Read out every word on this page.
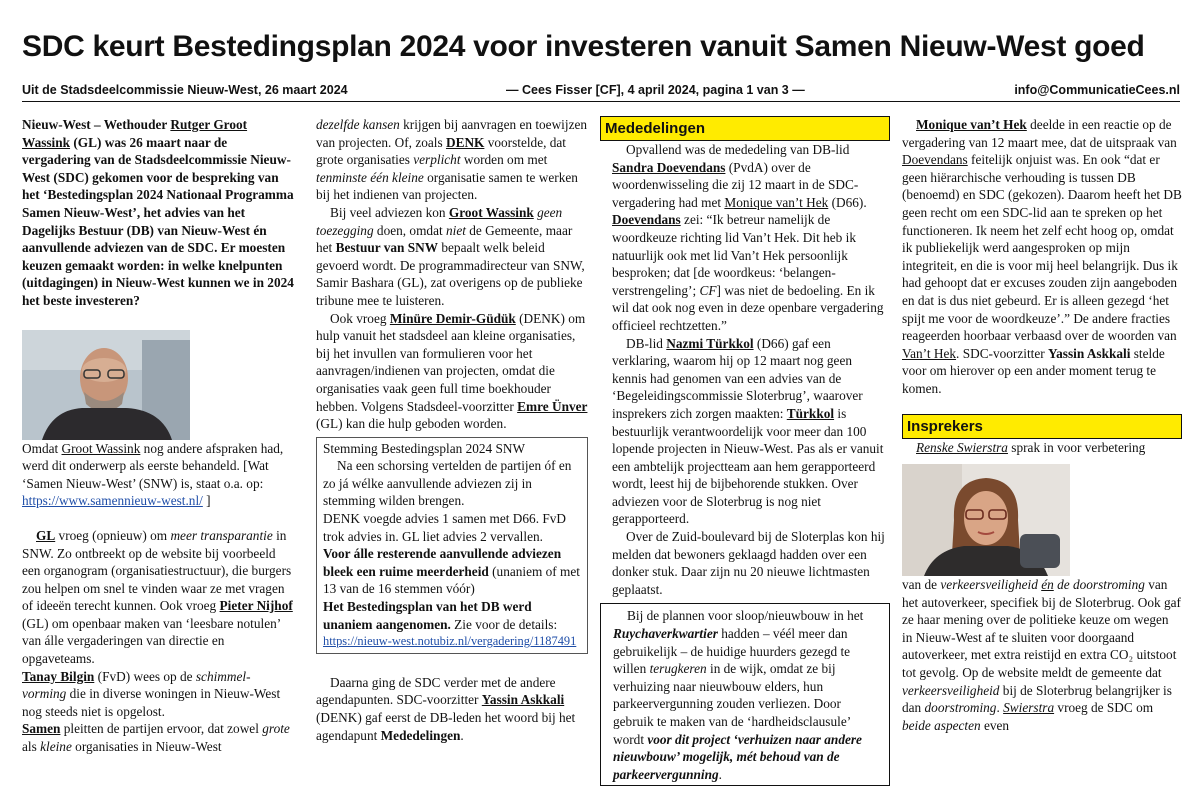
SDC keurt Bestedingsplan 2024 voor investeren vanuit Samen Nieuw-West goed
Uit de Stadsdeelcommissie Nieuw-West, 26 maart 2024	— Cees Fisser [CF], 4 april 2024, pagina 1 van 3 —	info@CommunicatieCees.nl

Nieuw-West – Wethouder Rutger Groot Wassink (GL) was 26 maart naar de vergadering van de Stadsdeelcommissie Nieuw-West (SDC) gekomen voor de bespreking van het ‘Bestedingsplan 2024 Nationaal Programma Samen Nieuw-West’, het advies van het Dagelijks Bestuur (DB) van Nieuw-West én aanvullende adviezen van de SDC. Er moesten keuzen gemaakt worden: in welke knelpunten (uitdagingen) in Nieuw-West kunnen we in 2024 het beste investeren?

Omdat Groot Wassink nog andere afspraken had, werd dit onderwerp als eerste behandeld. [Wat ‘Samen Nieuw-West’ (SNW) is, staat o.a. op: https://www.samennieuw-west.nl/ ]

GL vroeg (opnieuw) om meer transparantie in SNW. Zo ontbreekt op de website bij voorbeeld een organogram (organisatiestructuur), die burgers zou helpen om snel te vinden waar ze met vragen of ideeën terecht kunnen. Ook vroeg Pieter Nijhof (GL) om openbaar maken van ‘leesbare notulen’ van álle vergaderingen van directie en opgaveteams.

Tanay Bilgin (FvD) wees op de schimmel-vorming die in diverse woningen in Nieuw-West nog steeds niet is opgelost.

Samen pleitten de partijen ervoor, dat zowel grote als kleine organisaties in Nieuw-West

dezelfde kansen krijgen bij aanvragen en toewijzen van projecten. Of, zoals DENK voorstelde, dat grote organisaties verplicht worden om met tenminste één kleine organisatie samen te werken bij het indienen van projecten.

Bij veel adviezen kon Groot Wassink geen toezegging doen, omdat niet de Gemeente, maar het Bestuur van SNW bepaalt welk beleid gevoerd wordt. De programmadirecteur van SNW, Samir Bashara (GL), zat overigens op de publieke tribune mee te luisteren.

Ook vroeg Minüre Demir-Güdük (DENK) om hulp vanuit het stadsdeel aan kleine organisaties, bij het invullen van formulieren voor het aanvragen/indienen van projecten, omdat die organisaties vaak geen full time boekhouder hebben. Volgens Stadsdeel-voorzitter Emre Ünver (GL) kan die hulp geboden worden.

Stemming Bestedingsplan 2024 SNW

Na een schorsing vertelden de partijen óf en zo já wélke aanvullende adviezen zij in stemming wilden brengen.

DENK voegde advies 1 samen met D66. FvD trok advies in. GL liet advies 2 vervallen.

Voor álle resterende aanvullende adviezen bleek een ruime meerderheid (unaniem of met 13 van de 16 stemmen vóór)

Het Bestedingsplan van het DB werd unaniem aangenomen. Zie voor de details:

https://nieuw-west.notubiz.nl/vergadering/1187491

Daarna ging de SDC verder met de andere agendapunten. SDC-voorzitter Yassin Askkali (DENK) gaf eerst de DB-leden het woord bij het agendapunt Mededelingen.

Mededelingen

Opvallend was de mededeling van DB-lid Sandra Doevendans (PvdA) over de woordenwisseling die zij 12 maart in de SDC-vergadering had met Monique van’t Hek (D66).

Doevendans zei: “Ik betreur namelijk de woordkeuze richting lid Van’t Hek. Dit heb ik natuurlijk ook met lid Van’t Hek persoonlijk besproken; dat [de woordkeus: ‘belangen-verstrengeling’; CF] was niet de bedoeling. En ik wil dat ook nog even in deze openbare vergadering officieel rechtzetten.”

DB-lid Nazmi Türkkol (D66) gaf een verklaring, waarom hij op 12 maart nog geen kennis had genomen van een advies van de ‘Begeleidingscommissie Sloterbrug’, waarover insprekers zich zorgen maakten: Türkkol is bestuurlijk verantwoordelijk voor meer dan 100 lopende projecten in Nieuw-West. Pas als er vanuit een ambtelijk projectteam aan hem gerapporteerd wordt, leest hij de bijbehorende stukken. Over adviezen voor de Sloterbrug is nog niet gerapporteerd.

Over de Zuid-boulevard bij de Sloterplas kon hij melden dat bewoners geklaagd hadden over een donker stuk. Daar zijn nu 20 nieuwe lichtmasten geplaatst.

Bij de plannen voor sloop/nieuwbouw in het Ruychaverkwartier hadden – véél meer dan gebruikelijk – de huidige huurders gezegd te willen terugkeren in de wijk, omdat ze bij verhuizing naar nieuwbouw elders, hun parkeervergunning zouden verliezen. Door gebruik te maken van de ‘hardheidsclausule’ wordt voor dit project ‘verhuizen naar andere nieuwbouw’ mogelijk, mét behoud van de parkeervergunning.

Monique van’t Hek deelde in een reactie op de vergadering van 12 maart mee, dat de uitspraak van Doevendans feitelijk onjuist was. En ook “dat er geen hiërarchische verhouding is tussen DB (benoemd) en SDC (gekozen). Daarom heeft het DB geen recht om een SDC-lid aan te spreken op het functioneren. Ik neem het zelf echt hoog op, omdat ik publiekelijk werd aangesproken op mijn integriteit, en die is voor mij heel belangrijk. Dus ik had gehoopt dat er excuses zouden zijn aangeboden en dat is dus niet gebeurd. Er is alleen gezegd ‘het spijt me voor de woordkeuze’.” De andere fracties reageerden hoorbaar verbaasd over de woorden van Van’t Hek. SDC-voorzitter Yassin Askkali stelde voor om hierover op een ander moment terug te komen.

Insprekers

Renske Swierstra sprak in voor verbetering

van de verkeersveiligheid én de doorstroming van het autoverkeer, specifiek bij de Sloterbrug. Ook gaf ze haar mening over de politieke keuze om wegen in Nieuw-West af te sluiten voor doorgaand autoverkeer, met extra reistijd en extra CO₂ uitstoot tot gevolg. Op de website meldt de gemeente dat verkeersveiligheid bij de Sloterbrug belangrijker is dan doorstroming. Swierstra vroeg de SDC om beide aspecten even
